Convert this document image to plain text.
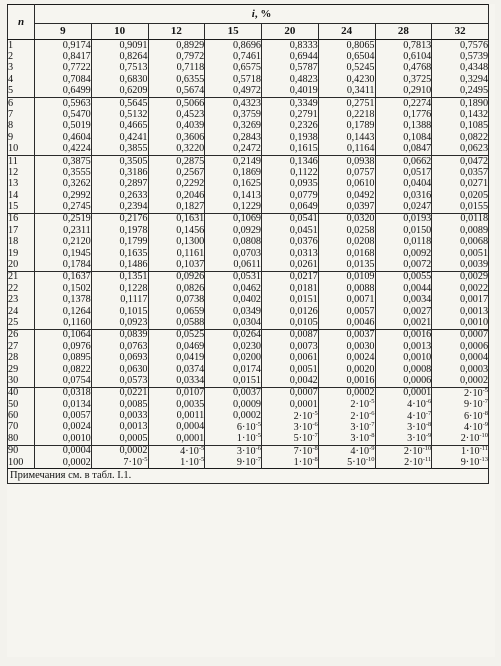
n	i, %							
	9	10	12	15	20	24	28	32
1	0,9174	0,9091	0,8929	0,8696	0,8333	0,8065	0,7813	0,7576
2	0,8417	0,8264	0,7972	0,7461	0,6944	0,6504	0,6104	0,5739
3	0,7722	0,7513	0,7118	0,6575	0,5787	0,5245	0,4768	0,4348
4	0,7084	0,6830	0,6355	0,5718	0,4823	0,4230	0,3725	0,3294
5	0,6499	0,6209	0,5674	0,4972	0,4019	0,3411	0,2910	0,2495
6	0,5963	0,5645	0,5066	0,4323	0,3349	0,2751	0,2274	0,1890
7	0,5470	0,5132	0,4523	0,3759	0,2791	0,2218	0,1776	0,1432
8	0,5019	0,4665	0,4039	0,3269	0,2326	0,1789	0,1388	0,1085
9	0,4604	0,4241	0,3606	0,2843	0,1938	0,1443	0,1084	0,0822
10	0,4224	0,3855	0,3220	0,2472	0,1615	0,1164	0,0847	0,0623
11	0,3875	0,3505	0,2875	0,2149	0,1346	0,0938	0,0662	0,0472
12	0,3555	0,3186	0,2567	0,1869	0,1122	0,0757	0,0517	0,0357
13	0,3262	0,2897	0,2292	0,1625	0,0935	0,0610	0,0404	0,0271
14	0,2992	0,2633	0,2046	0,1413	0,0779	0,0492	0,0316	0,0205
15	0,2745	0,2394	0,1827	0,1229	0,0649	0,0397	0,0247	0,0155
16	0,2519	0,2176	0,1631	0,1069	0,0541	0,0320	0,0193	0,0118
17	0,2311	0,1978	0,1456	0,0929	0,0451	0,0258	0,0150	0,0089
18	0,2120	0,1799	0,1300	0,0808	0,0376	0,0208	0,0118	0,0068
19	0,1945	0,1635	0,1161	0,0703	0,0313	0,0168	0,0092	0,0051
20	0,1784	0,1486	0,1037	0,0611	0,0261	0,0135	0,0072	0,0039
21	0,1637	0,1351	0,0926	0,0531	0,0217	0,0109	0,0055	0,0029
22	0,1502	0,1228	0,0826	0,0462	0,0181	0,0088	0,0044	0,0022
23	0,1378	0,1117	0,0738	0,0402	0,0151	0,0071	0,0034	0,0017
24	0,1264	0,1015	0,0659	0,0349	0,0126	0,0057	0,0027	0,0013
25	0,1160	0,0923	0,0588	0,0304	0,0105	0,0046	0,0021	0,0010
26	0,1064	0,0839	0,0525	0,0264	0,0087	0,0037	0,0016	0,0007
27	0,0976	0,0763	0,0469	0,0230	0,0073	0,0030	0,0013	0,0006
28	0,0895	0,0693	0,0419	0,0200	0,0061	0,0024	0,0010	0,0004
29	0,0822	0,0630	0,0374	0,0174	0,0051	0,0020	0,0008	0,0003
30	0,0754	0,0573	0,0334	0,0151	0,0042	0,0016	0,0006	0,0002
40	0,0318	0,0221	0,0107	0,0037	0,0007	0,0002	0,0001	$2\cdot 10^{-5}$
50	0,0134	0,0085	0,0035	0,0009	0,0001	$2\cdot 10^{-5}$	$4\cdot 10^{-6}$	$9\cdot 10^{-7}$
60	0,0057	0,0033	0,0011	0,0002	$2\cdot 10^{-5}$	$2\cdot 10^{-6}$	$4\cdot 10^{-7}$	$6\cdot 10^{-8}$
70	0,0024	0,0013	0,0004	$6\cdot 10^{-5}$	$3\cdot 10^{-6}$	$3\cdot 10^{-7}$	$3\cdot 10^{-8}$	$4\cdot 10^{-9}$
80	0,0010	0,0005	0,0001	$1\cdot 10^{-5}$	$5\cdot 10^{-7}$	$3\cdot 10^{-8}$	$3\cdot 10^{-9}$	$2\cdot 10^{-10}$
90	0,0004	0,0002	$4\cdot 10^{-5}$	$3\cdot 10^{-6}$	$7\cdot 10^{-8}$	$4\cdot 10^{-9}$	$2\cdot 10^{-10}$	$1\cdot 10^{-11}$
100	0,0002	$7\cdot 10^{-5}$	$1\cdot 10^{-5}$	$9\cdot 10^{-7}$	$1\cdot 10^{-8}$	$5\cdot 10^{-10}$	$2\cdot 10^{-11}$	$9\cdot 10^{-13}$
Примечания см. в табл. I.1.								
